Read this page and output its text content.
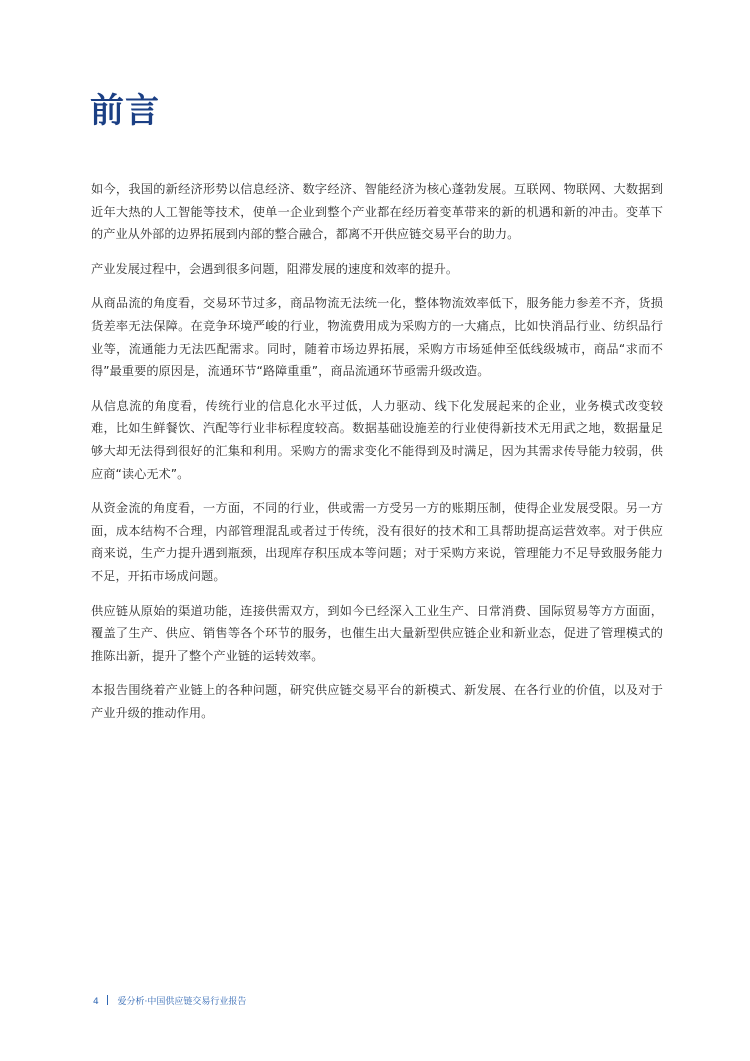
前言

如今，我国的新经济形势以信息经济、数字经济、智能经济为核心蓬勃发展。互联网、物联网、大数据到近年大热的人工智能等技术，使单一企业到整个产业都在经历着变革带来的新的机遇和新的冲击。变革下的产业从外部的边界拓展到内部的整合融合，都离不开供应链交易平台的助力。

产业发展过程中，会遇到很多问题，阻滞发展的速度和效率的提升。

从商品流的角度看，交易环节过多，商品物流无法统一化，整体物流效率低下，服务能力参差不齐，货损货差率无法保障。在竞争环境严峻的行业，物流费用成为采购方的一大痛点，比如快消品行业、纺织品行业等，流通能力无法匹配需求。同时，随着市场边界拓展，采购方市场延伸至低线级城市，商品“求而不得”最重要的原因是，流通环节“路障重重”，商品流通环节亟需升级改造。

从信息流的角度看，传统行业的信息化水平过低，人力驱动、线下化发展起来的企业，业务模式改变较难，比如生鲜餐饮、汽配等行业非标程度较高。数据基础设施差的行业使得新技术无用武之地，数据量足够大却无法得到很好的汇集和利用。采购方的需求变化不能得到及时满足，因为其需求传导能力较弱，供应商“读心无术”。

从资金流的角度看，一方面，不同的行业，供或需一方受另一方的账期压制，使得企业发展受限。另一方面，成本结构不合理，内部管理混乱或者过于传统，没有很好的技术和工具帮助提高运营效率。对于供应商来说，生产力提升遇到瓶颈，出现库存积压成本等问题；对于采购方来说，管理能力不足导致服务能力不足，开拓市场成问题。

供应链从原始的渠道功能，连接供需双方，到如今已经深入工业生产、日常消费、国际贸易等方方面面，覆盖了生产、供应、销售等各个环节的服务，也催生出大量新型供应链企业和新业态，促进了管理模式的推陈出新，提升了整个产业链的运转效率。

本报告围绕着产业链上的各种问题，研究供应链交易平台的新模式、新发展、在各行业的价值，以及对于产业升级的推动作用。

4 爱分析·中国供应链交易行业报告
